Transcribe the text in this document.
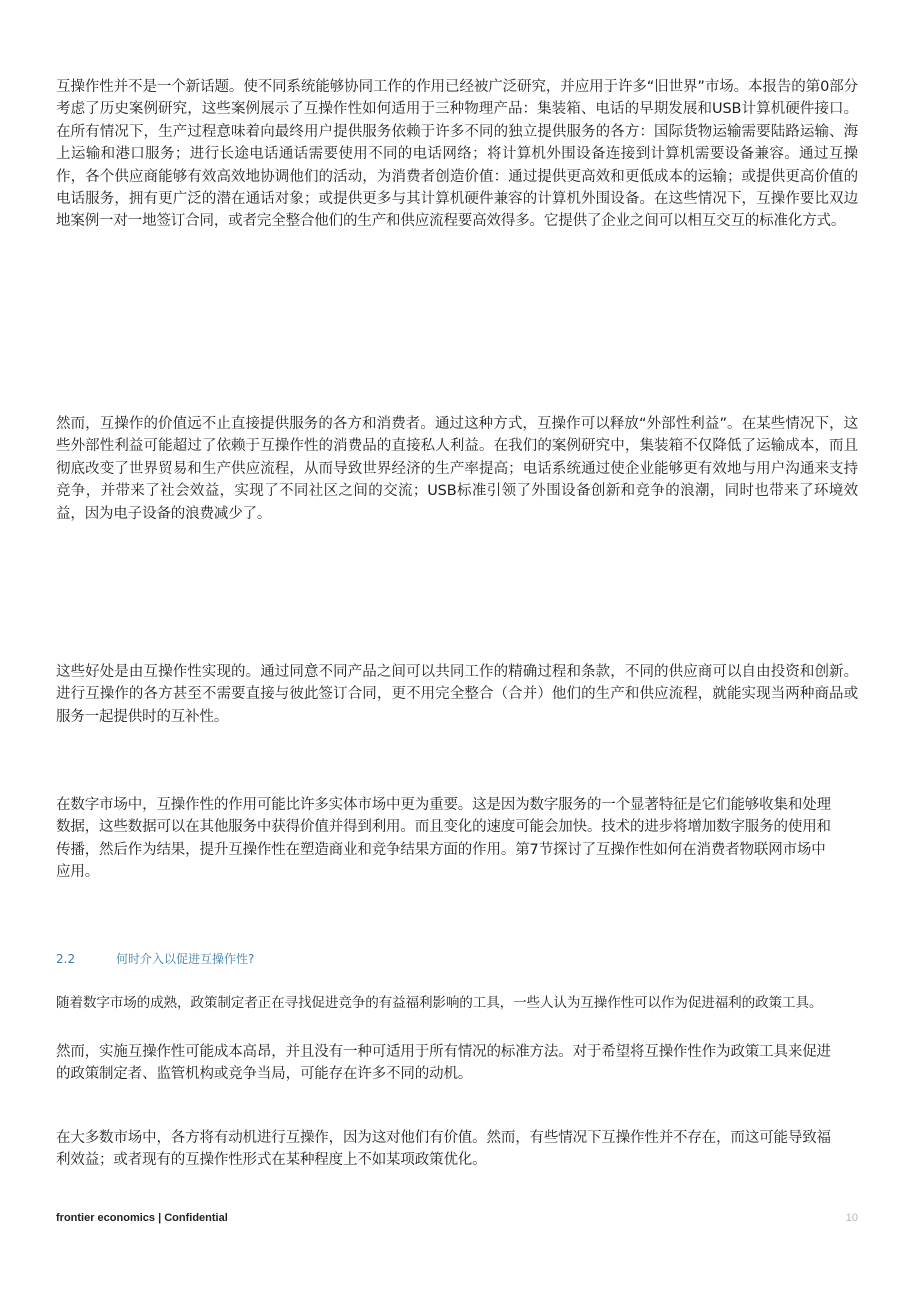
互操作性并不是一个新话题。使不同系统能够协同工作的作用已经被广泛研究，并应用于许多“旧世界”市场。本报告的第0部分考虑了历史案例研究，这些案例展示了互操作性如何适用于三种物理产品：集装箱、电话的早期发展和USB计算机硬件接口。在所有情况下，生产过程意味着向最终用户提供服务依赖于许多不同的独立提供服务的各方：国际货物运输需要陆路运输、海上运输和港口服务；进行长途电话通话需要使用不同的电话网络；将计算机外围设备连接到计算机需要设备兼容。通过互操作，各个供应商能够有效高效地协调他们的活动，为消费者创造价值：通过提供更高效和更低成本的运输；或提供更高价值的电话服务，拥有更广泛的潜在通话对象；或提供更多与其计算机硬件兼容的计算机外围设备。在这些情况下，互操作要比双边地案例一对一地签订合同，或者完全整合他们的生产和供应流程要高效得多。它提供了企业之间可以相互交互的标准化方式。

然而，互操作的价值远不止直接提供服务的各方和消费者。通过这种方式，互操作可以释放“外部性利益”。在某些情况下，这些外部性利益可能超过了依赖于互操作性的消费品的直接私人利益。在我们的案例研究中，集装箱不仅降低了运输成本，而且彻底改变了世界贸易和生产供应流程，从而导致世界经济的生产率提高；电话系统通过使企业能够更有效地与用户沟通来支持竞争，并带来了社会效益，实现了不同社区之间的交流；USB标准引领了外围设备创新和竞争的浪潮，同时也带来了环境效益，因为电子设备的浪费减少了。

这些好处是由互操作性实现的。通过同意不同产品之间可以共同工作的精确过程和条款，不同的供应商可以自由投资和创新。进行互操作的各方甚至不需要直接与彼此签订合同，更不用完全整合（合并）他们的生产和供应流程，就能实现当两种商品或服务一起提供时的互补性。

在数字市场中，互操作性的作用可能比许多实体市场中更为重要。这是因为数字服务的一个显著特征是它们能够收集和处理数据，这些数据可以在其他服务中获得价值并得到利用。而且变化的速度可能会加快。技术的进步将增加数字服务的使用和传播，然后作为结果，提升互操作性在塑造商业和竞争结果方面的作用。第7节探讨了互操作性如何在消费者物联网市场中应用。

2.2	何时介入以促进互操作性?

随着数字市场的成熟，政策制定者正在寻找促进竞争的有益福利影响的工具，一些人认为互操作性可以作为促进福利的政策工具。

然而，实施互操作性可能成本高昂，并且没有一种可适用于所有情况的标准方法。对于希望将互操作性作为政策工具来促进的政策制定者、监管机构或竞争当局，可能存在许多不同的动机。

在大多数市场中，各方将有动机进行互操作，因为这对他们有价值。然而，有些情况下互操作性并不存在，而这可能导致福利效益；或者现有的互操作性形式在某种程度上不如某项政策优化。

frontier economics | Confidential	10
